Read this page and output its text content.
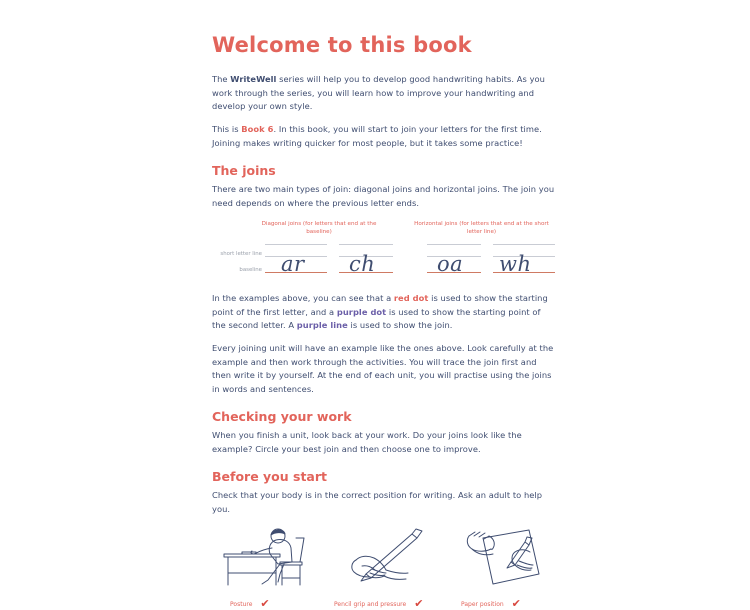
Welcome to this book

The WriteWell series will help you to develop good handwriting habits. As you work through the series, you will learn how to improve your handwriting and develop your own style.

This is Book 6. In this book, you will start to join your letters for the first time. Joining makes writing quicker for most people, but it takes some practice!

The joins

There are two main types of join: diagonal joins and horizontal joins. The join you need depends on where the previous letter ends.

Diagonal joins (for letters that end at the baseline)
Horizontal joins (for letters that end at the short letter line)
short letter line
baseline ar ch	oa wh

In the examples above, you can see that a red dot is used to show the starting point of the first letter, and a purple dot is used to show the starting point of the second letter. A purple line is used to show the join.

Every joining unit will have an example like the ones above. Look carefully at the example and then work through the activities. You will trace the join first and then write it by yourself. At the end of each unit, you will practise using the joins in words and sentences.

Checking your work

When you finish a unit, look back at your work. Do your joins look like the example? Circle your best join and then choose one to improve.

Before you start

Check that your body is in the correct position for writing. Ask an adult to help you.

Posture ✔	Pencil grip and pressure ✔	Paper position ✔
